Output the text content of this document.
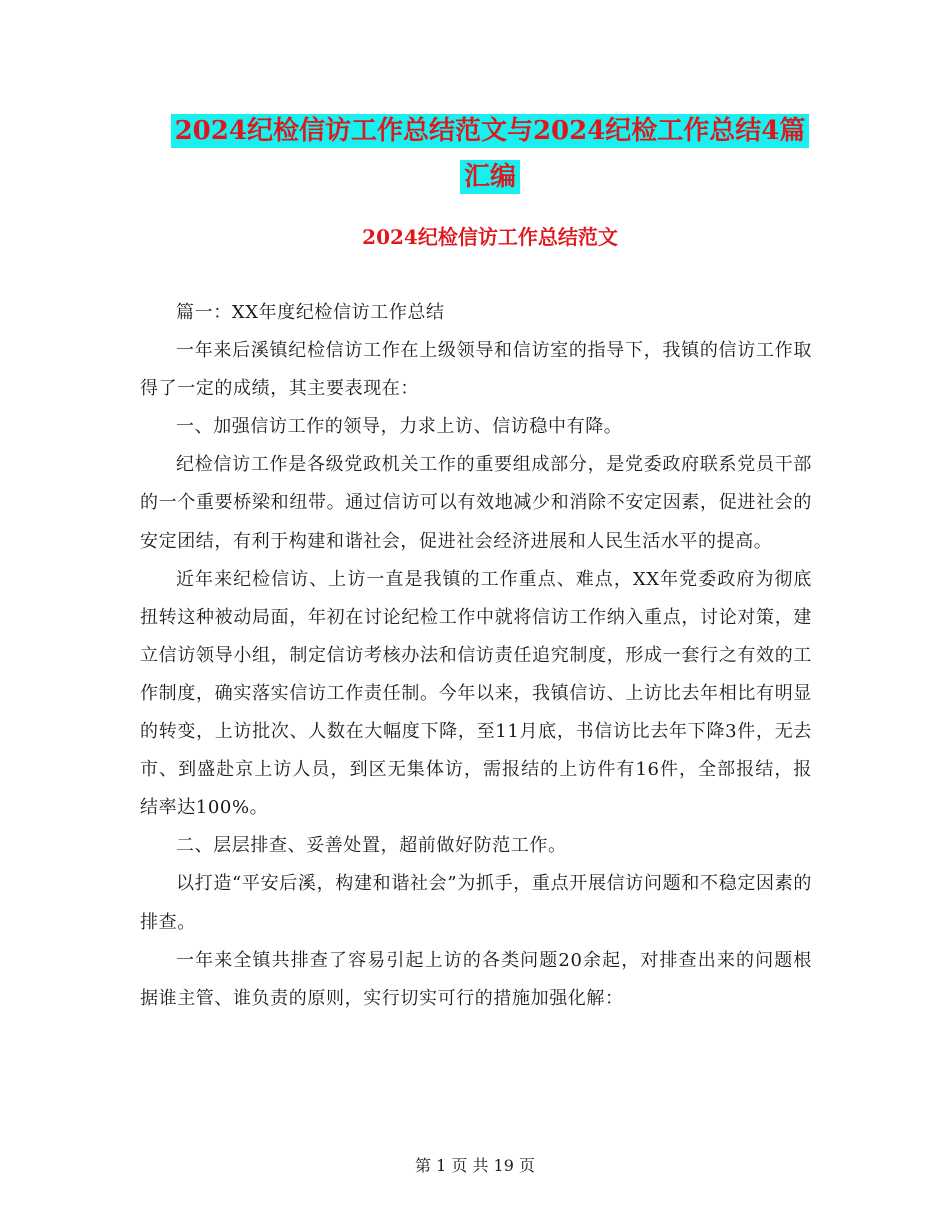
2024纪检信访工作总结范文与2024纪检工作总结4篇
汇编
2024纪检信访工作总结范文

篇一：XX年度纪检信访工作总结

一年来后溪镇纪检信访工作在上级领导和信访室的指导下，我镇的信访工作取得了一定的成绩，其主要表现在：

一、加强信访工作的领导，力求上访、信访稳中有降。

纪检信访工作是各级党政机关工作的重要组成部分，是党委政府联系党员干部的一个重要桥梁和纽带。通过信访可以有效地减少和消除不安定因素，促进社会的安定团结，有利于构建和谐社会，促进社会经济进展和人民生活水平的提高。

近年来纪检信访、上访一直是我镇的工作重点、难点，XX年党委政府为彻底扭转这种被动局面，年初在讨论纪检工作中就将信访工作纳入重点，讨论对策，建立信访领导小组，制定信访考核办法和信访责任追究制度，形成一套行之有效的工作制度，确实落实信访工作责任制。今年以来，我镇信访、上访比去年相比有明显的转变，上访批次、人数在大幅度下降，至11月底，书信访比去年下降3件，无去市、到盛赴京上访人员，到区无集体访，需报结的上访件有16件，全部报结，报结率达100%。

二、层层排查、妥善处置，超前做好防范工作。

以打造“平安后溪，构建和谐社会”为抓手，重点开展信访问题和不稳定因素的排查。

一年来全镇共排查了容易引起上访的各类问题20余起，对排查出来的问题根据谁主管、谁负责的原则，实行切实可行的措施加强化解：

第 1 页 共 19 页
